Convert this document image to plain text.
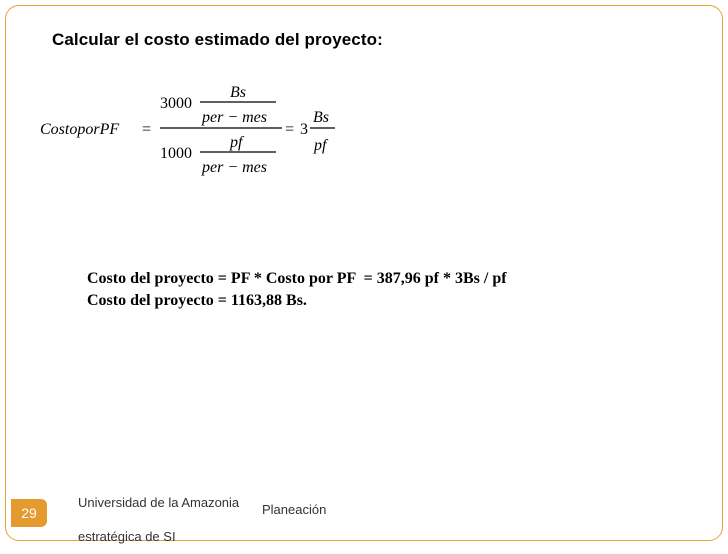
Calcular el costo estimado del proyecto:
CostoporPF =
3000
Bs
per − mes
1000
pf
per − mes
= 3
Bs
pf
Costo del proyecto = PF * Costo por PF  = 387,96 pf * 3Bs / pf
Costo del proyecto = 1163,88 Bs.
Universidad de la Amazonia
estratégica de SI
Planeación
29
